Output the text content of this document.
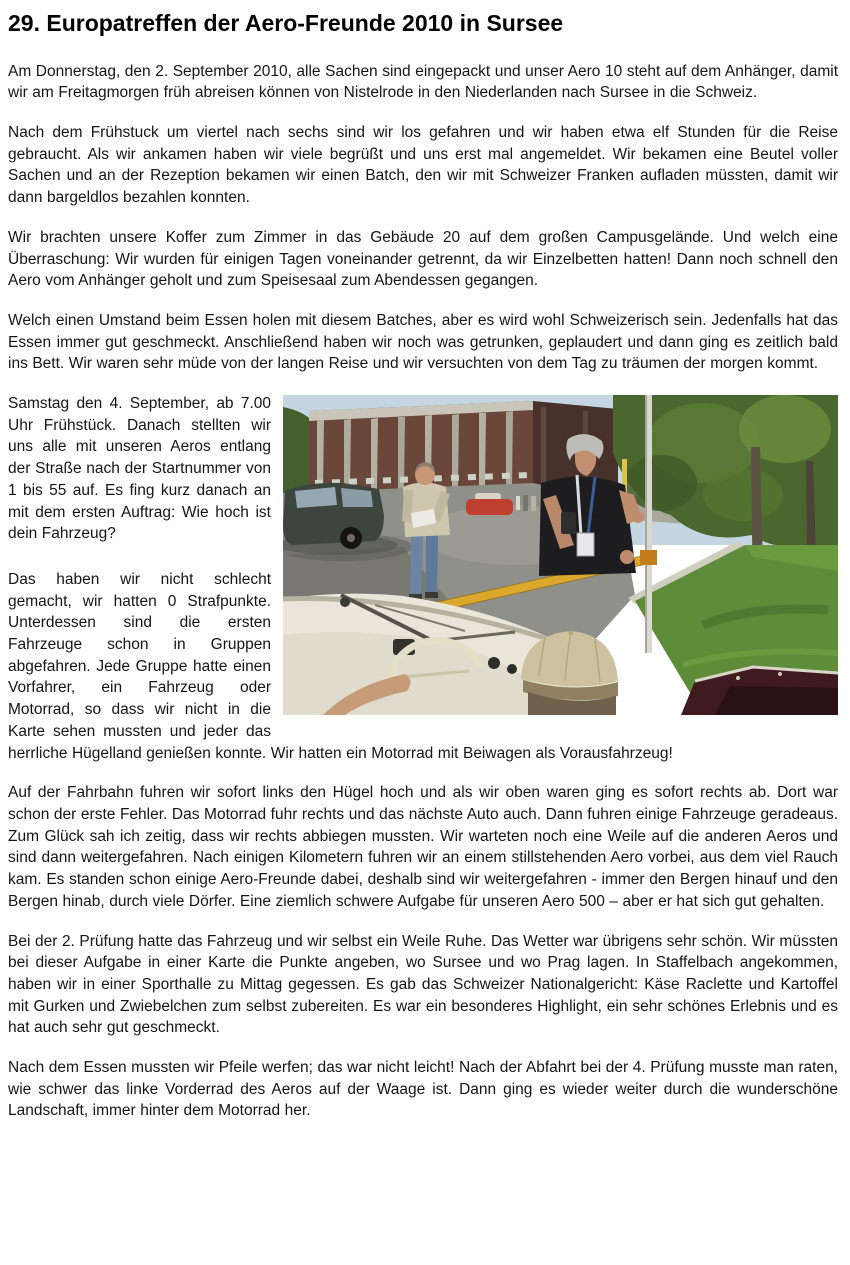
29. Europatreffen der Aero-Freunde 2010 in Sursee

Am Donnerstag, den 2. September 2010, alle Sachen sind eingepackt und unser Aero 10 steht auf dem Anhänger, damit wir am Freitagmorgen früh abreisen können von Nistelrode in den Niederlanden nach Sursee in die Schweiz.

Nach dem Frühstuck um viertel nach sechs sind wir los gefahren und wir haben etwa elf Stunden für die Reise gebraucht. Als wir ankamen haben wir viele begrüßt und uns erst mal angemeldet. Wir bekamen eine Beutel voller Sachen und an der Rezeption bekamen wir einen Batch, den wir mit Schweizer Franken aufladen müssten, damit wir dann bargeldlos bezahlen konnten.

Wir brachten unsere Koffer zum Zimmer in das Gebäude 20 auf dem großen Campusgelände. Und welch eine Überraschung: Wir wurden für einigen Tagen voneinander getrennt, da wir Einzelbetten hatten! Dann noch schnell den Aero vom Anhänger geholt und zum Speisesaal zum Abendessen gegangen.

Welch einen Umstand beim Essen holen mit diesem Batches, aber es wird wohl Schweizerisch sein. Jedenfalls hat das Essen immer gut geschmeckt. Anschließend haben wir noch was getrunken, geplaudert und dann ging es zeitlich bald ins Bett. Wir waren sehr müde von der langen Reise und wir versuchten von dem Tag zu träumen der morgen kommt.

Samstag den 4. September, ab 7.00 Uhr Frühstück. Danach stellten wir uns alle mit unseren Aeros entlang der Straße nach der Startnummer von 1 bis 55 auf. Es fing kurz danach an mit dem ersten Auftrag: Wie hoch ist dein Fahrzeug?

Das haben wir nicht schlecht gemacht, wir hatten 0 Strafpunkte. Unterdessen sind die ersten Fahrzeuge schon in Gruppen abgefahren. Jede Gruppe hatte einen Vorfahrer, ein Fahrzeug oder Motorrad, so dass wir nicht in die Karte sehen mussten und jeder das herrliche Hügelland genießen konnte. Wir hatten ein Motorrad mit Beiwagen als Vorausfahrzeug!

Auf der Fahrbahn fuhren wir sofort links den Hügel hoch und als wir oben waren ging es sofort rechts ab. Dort war schon der erste Fehler. Das Motorrad fuhr rechts und das nächste Auto auch. Dann fuhren einige Fahrzeuge geradeaus. Zum Glück sah ich zeitig, dass wir rechts abbiegen mussten. Wir warteten noch eine Weile auf die anderen Aeros und sind dann weitergefahren. Nach einigen Kilometern fuhren wir an einem stillstehenden Aero vorbei, aus dem viel Rauch kam. Es standen schon einige Aero-Freunde dabei, deshalb sind wir weitergefahren - immer den Bergen hinauf und den Bergen hinab, durch viele Dörfer. Eine ziemlich schwere Aufgabe für unseren Aero 500 – aber er hat sich gut gehalten.

Bei der 2. Prüfung hatte das Fahrzeug und wir selbst ein Weile Ruhe. Das Wetter war übrigens sehr schön. Wir müssten bei dieser Aufgabe in einer Karte die Punkte angeben, wo Sursee und wo Prag lagen. In Staffelbach angekommen, haben wir in einer Sporthalle zu Mittag gegessen. Es gab das Schweizer Nationalgericht: Käse Raclette und Kartoffel mit Gurken und Zwiebelchen zum selbst zubereiten. Es war ein besonderes Highlight, ein sehr schönes Erlebnis und es hat auch sehr gut geschmeckt.

Nach dem Essen mussten wir Pfeile werfen; das war nicht leicht! Nach der Abfahrt bei der 4. Prüfung musste man raten, wie schwer das linke Vorderrad des Aeros auf der Waage ist. Dann ging es wieder weiter durch die wunderschöne Landschaft, immer hinter dem Motorrad her.
